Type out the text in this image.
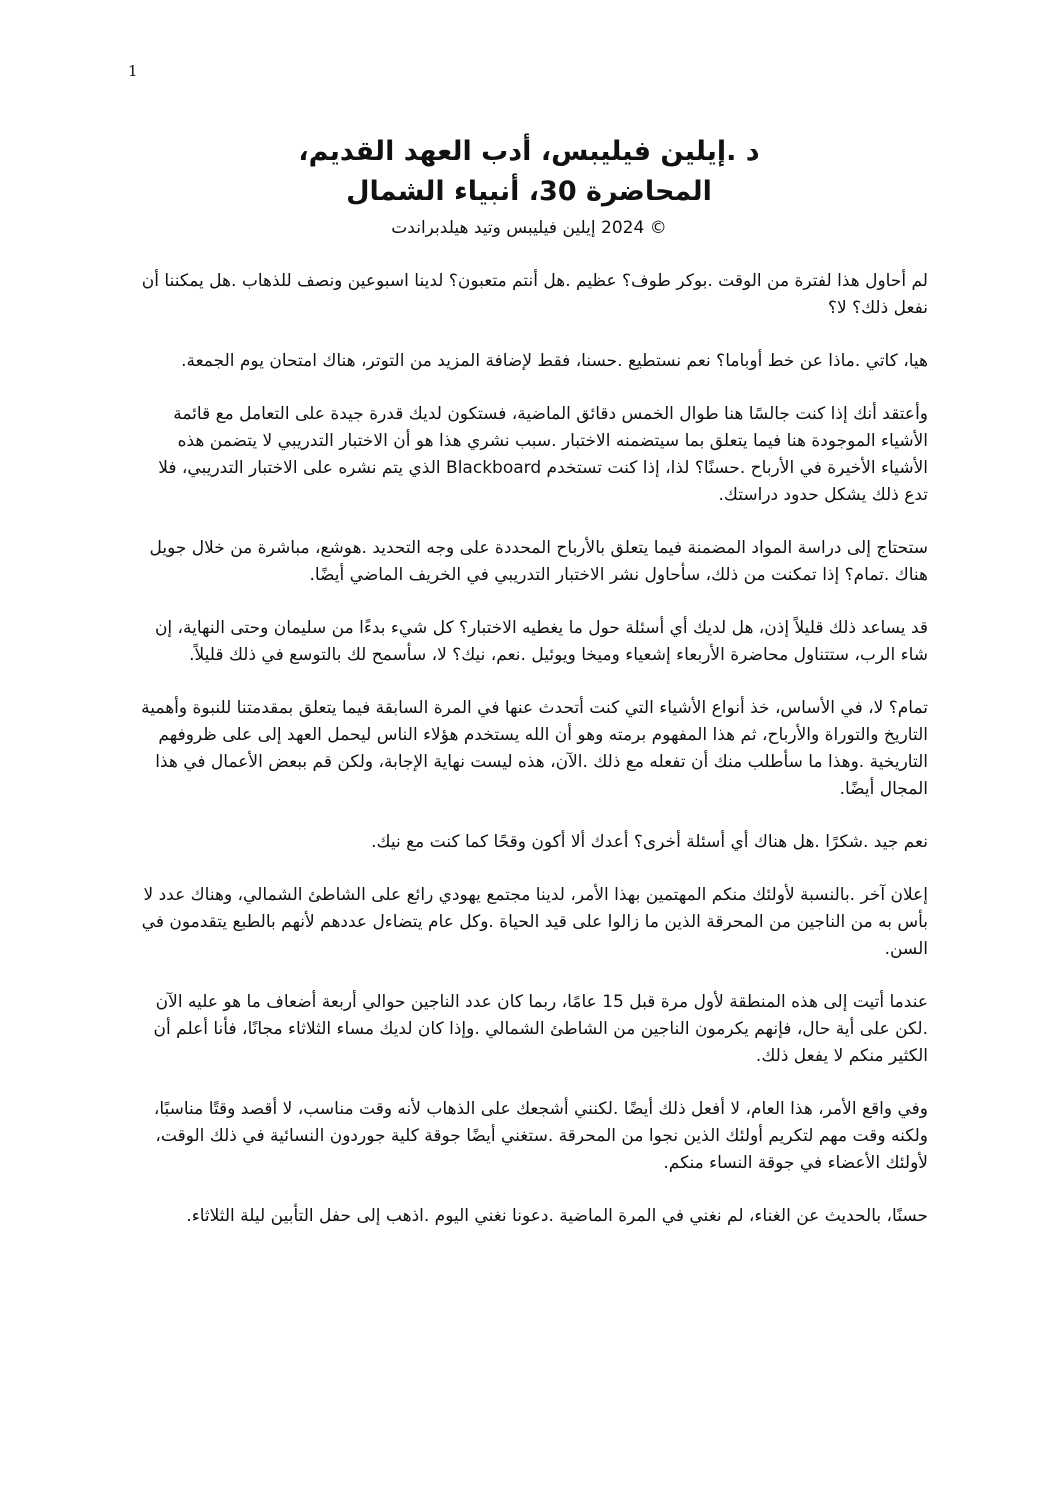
1
د .إيلين فيليبس، أدب العهد القديم،
المحاضرة 30، أنبياء الشمال
© 2024 إيلين فيليبس وتيد هيلدبراندت

لم أحاول هذا لفترة من الوقت .بوكر طوف؟ عظيم .هل أنتم متعبون؟ لدينا اسبوعين ونصف للذهاب .هل يمكننا أن نفعل ذلك؟ لا؟

هيا، كاتي .ماذا عن خط أوباما؟ نعم نستطيع .حسنا، فقط لإضافة المزيد من التوتر، هناك امتحان يوم الجمعة.

وأعتقد أنك إذا كنت جالسًا هنا طوال الخمس دقائق الماضية، فستكون لديك قدرة جيدة على التعامل مع قائمة الأشياء الموجودة هنا فيما يتعلق بما سيتضمنه الاختبار .سبب نشري هذا هو أن الاختبار التدريبي لا يتضمن هذه الأشياء الأخيرة في الأرباح .حسنًا؟ لذا، إذا كنت تستخدم Blackboard الذي يتم نشره على الاختبار التدريبي، فلا تدع ذلك يشكل حدود دراستك.

ستحتاج إلى دراسة المواد المضمنة فيما يتعلق بالأرباح المحددة على وجه التحديد .هوشع، مباشرة من خلال جويل هناك .تمام؟ إذا تمكنت من ذلك، سأحاول نشر الاختبار التدريبي في الخريف الماضي أيضًا.

قد يساعد ذلك قليلاً إذن، هل لديك أي أسئلة حول ما يغطيه الاختبار؟ كل شيء بدءًا من سليمان وحتى النهاية، إن شاء الرب، ستتناول محاضرة الأربعاء إشعياء وميخا ويوئيل .نعم، نيك؟ لا، سأسمح لك بالتوسع في ذلك قليلاً.

تمام؟ لا، في الأساس، خذ أنواع الأشياء التي كنت أتحدث عنها في المرة السابقة فيما يتعلق بمقدمتنا للنبوة وأهمية التاريخ والتوراة والأرباح، ثم هذا المفهوم برمته وهو أن الله يستخدم هؤلاء الناس ليحمل العهد إلى على ظروفهم التاريخية .وهذا ما سأطلب منك أن تفعله مع ذلك .الآن، هذه ليست نهاية الإجابة، ولكن قم ببعض الأعمال في هذا المجال أيضًا.

نعم جيد .شكرًا .هل هناك أي أسئلة أخرى؟ أعدك ألا أكون وقحًا كما كنت مع نيك.

إعلان آخر .بالنسبة لأولئك منكم المهتمين بهذا الأمر، لدينا مجتمع يهودي رائع على الشاطئ الشمالي، وهناك عدد لا بأس به من الناجين من المحرقة الذين ما زالوا على قيد الحياة .وكل عام يتضاءل عددهم لأنهم بالطبع يتقدمون في السن.

عندما أتيت إلى هذه المنطقة لأول مرة قبل 15 عامًا، ربما كان عدد الناجين حوالي أربعة أضعاف ما هو عليه الآن .لكن على أية حال، فإنهم يكرمون الناجين من الشاطئ الشمالي .وإذا كان لديك مساء الثلاثاء مجانًا، فأنا أعلم أن الكثير منكم لا يفعل ذلك.

وفي واقع الأمر، هذا العام، لا أفعل ذلك أيضًا .لكنني أشجعك على الذهاب لأنه وقت مناسب، لا أقصد وقتًا مناسبًا، ولكنه وقت مهم لتكريم أولئك الذين نجوا من المحرقة .ستغني أيضًا جوقة كلية جوردون النسائية في ذلك الوقت، لأولئك الأعضاء في جوقة النساء منكم.

حسنًا، بالحديث عن الغناء، لم نغني في المرة الماضية .دعونا نغني اليوم .اذهب إلى حفل التأبين ليلة الثلاثاء.
